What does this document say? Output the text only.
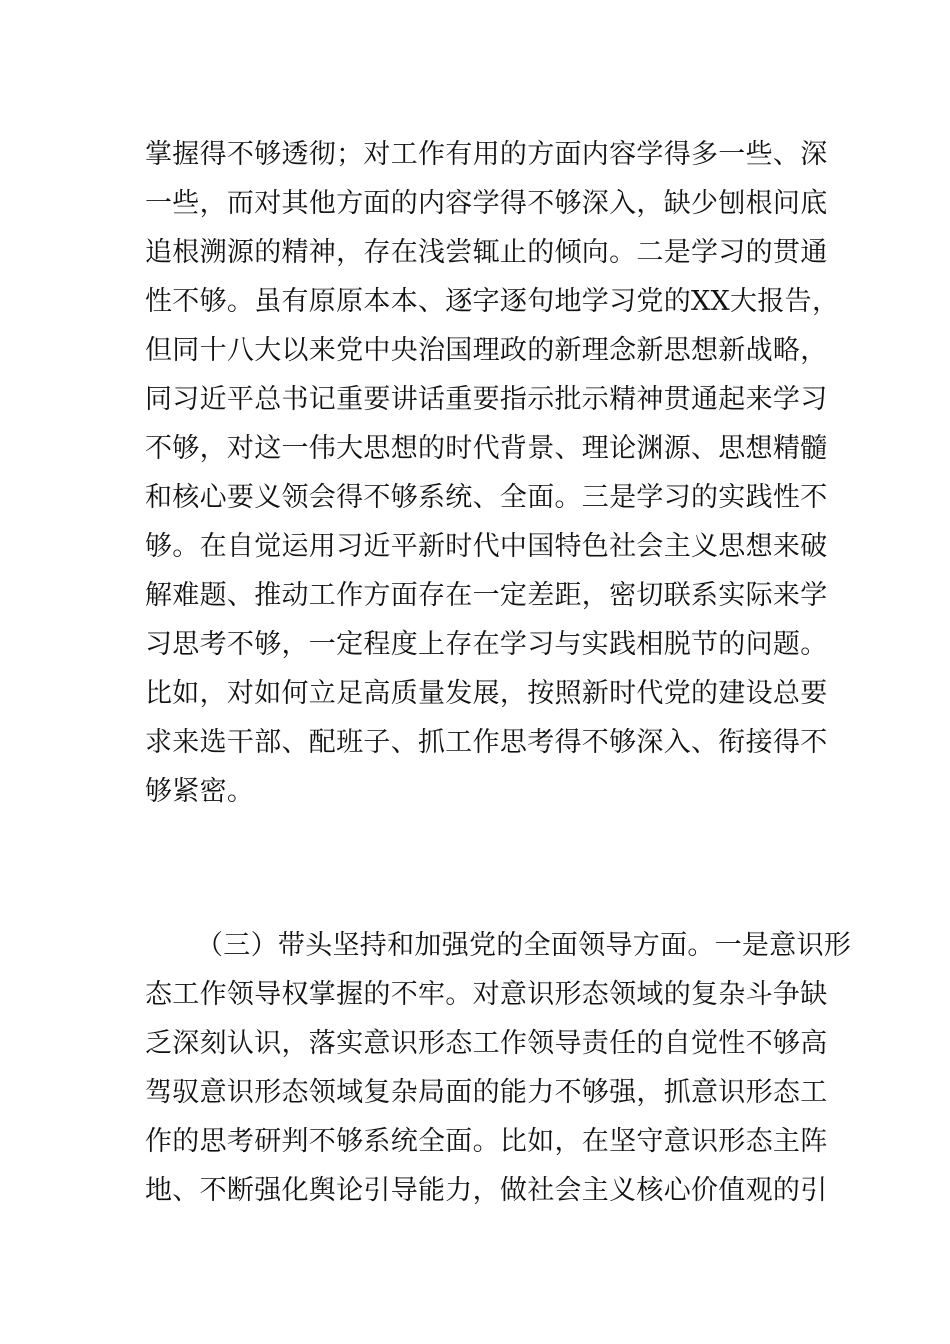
掌握得不够透彻；对工作有用的方面内容学得多一些、深
一些，而对其他方面的内容学得不够深入，缺少刨根问底
追根溯源的精神，存在浅尝辄止的倾向。二是学习的贯通
性不够。虽有原原本本、逐字逐句地学习党的XX大报告，
但同十八大以来党中央治国理政的新理念新思想新战略，
同习近平总书记重要讲话重要指示批示精神贯通起来学习
不够，对这一伟大思想的时代背景、理论渊源、思想精髓
和核心要义领会得不够系统、全面。三是学习的实践性不
够。在自觉运用习近平新时代中国特色社会主义思想来破
解难题、推动工作方面存在一定差距，密切联系实际来学
习思考不够，一定程度上存在学习与实践相脱节的问题。
比如，对如何立足高质量发展，按照新时代党的建设总要
求来选干部、配班子、抓工作思考得不够深入、衔接得不
够紧密。
（三）带头坚持和加强党的全面领导方面。一是意识形
态工作领导权掌握的不牢。对意识形态领域的复杂斗争缺
乏深刻认识，落实意识形态工作领导责任的自觉性不够高
驾驭意识形态领域复杂局面的能力不够强，抓意识形态工
作的思考研判不够系统全面。比如，在坚守意识形态主阵
地、不断强化舆论引导能力，做社会主义核心价值观的引
